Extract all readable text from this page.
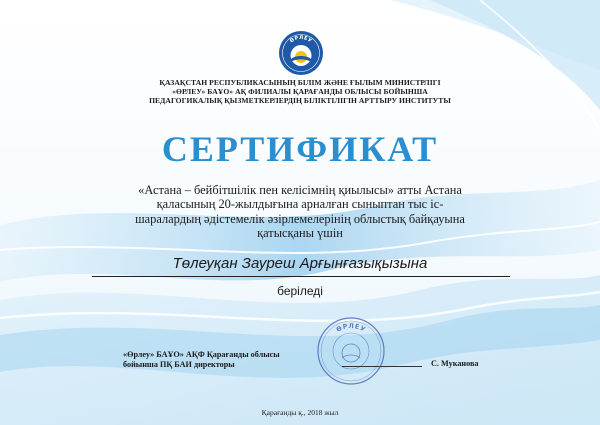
ӨРЛЕУ
ҚАЗАҚСТАН РЕСПУБЛИКАСЫНЫҢ БІЛІМ ЖӘНЕ ҒЫЛЫМ МИНИСТРЛІГІ
«ӨРЛЕУ» БАҰО» АҚ ФИЛИАЛЫ ҚАРАҒАНДЫ ОБЛЫСЫ БОЙЫНША
ПЕДАГОГИКАЛЫҚ ҚЫЗМЕТКЕРЛЕРДІҢ БІЛІКТІЛІГІН АРТТЫРУ ИНСТИТУТЫ
СЕРТИФИКАТ
«Астана – бейбітшілік пен келісімнің қиылысы» атты Астана
қаласының 20-жылдығына арналған сыныптан тыс іс-
шаралардың әдістемелік әзірлемелерінің облыстық байқауына
қатысқаны үшін
Төлеуқан Зауреш Арғынғазықызына
беріледі
ӨРЛЕУ
«Өрлеу» БАҰО» АҚФ Қарағанды облысы
бойынша ПҚ БАИ директоры	С. Муканова
Қарағанды қ., 2018 жыл
